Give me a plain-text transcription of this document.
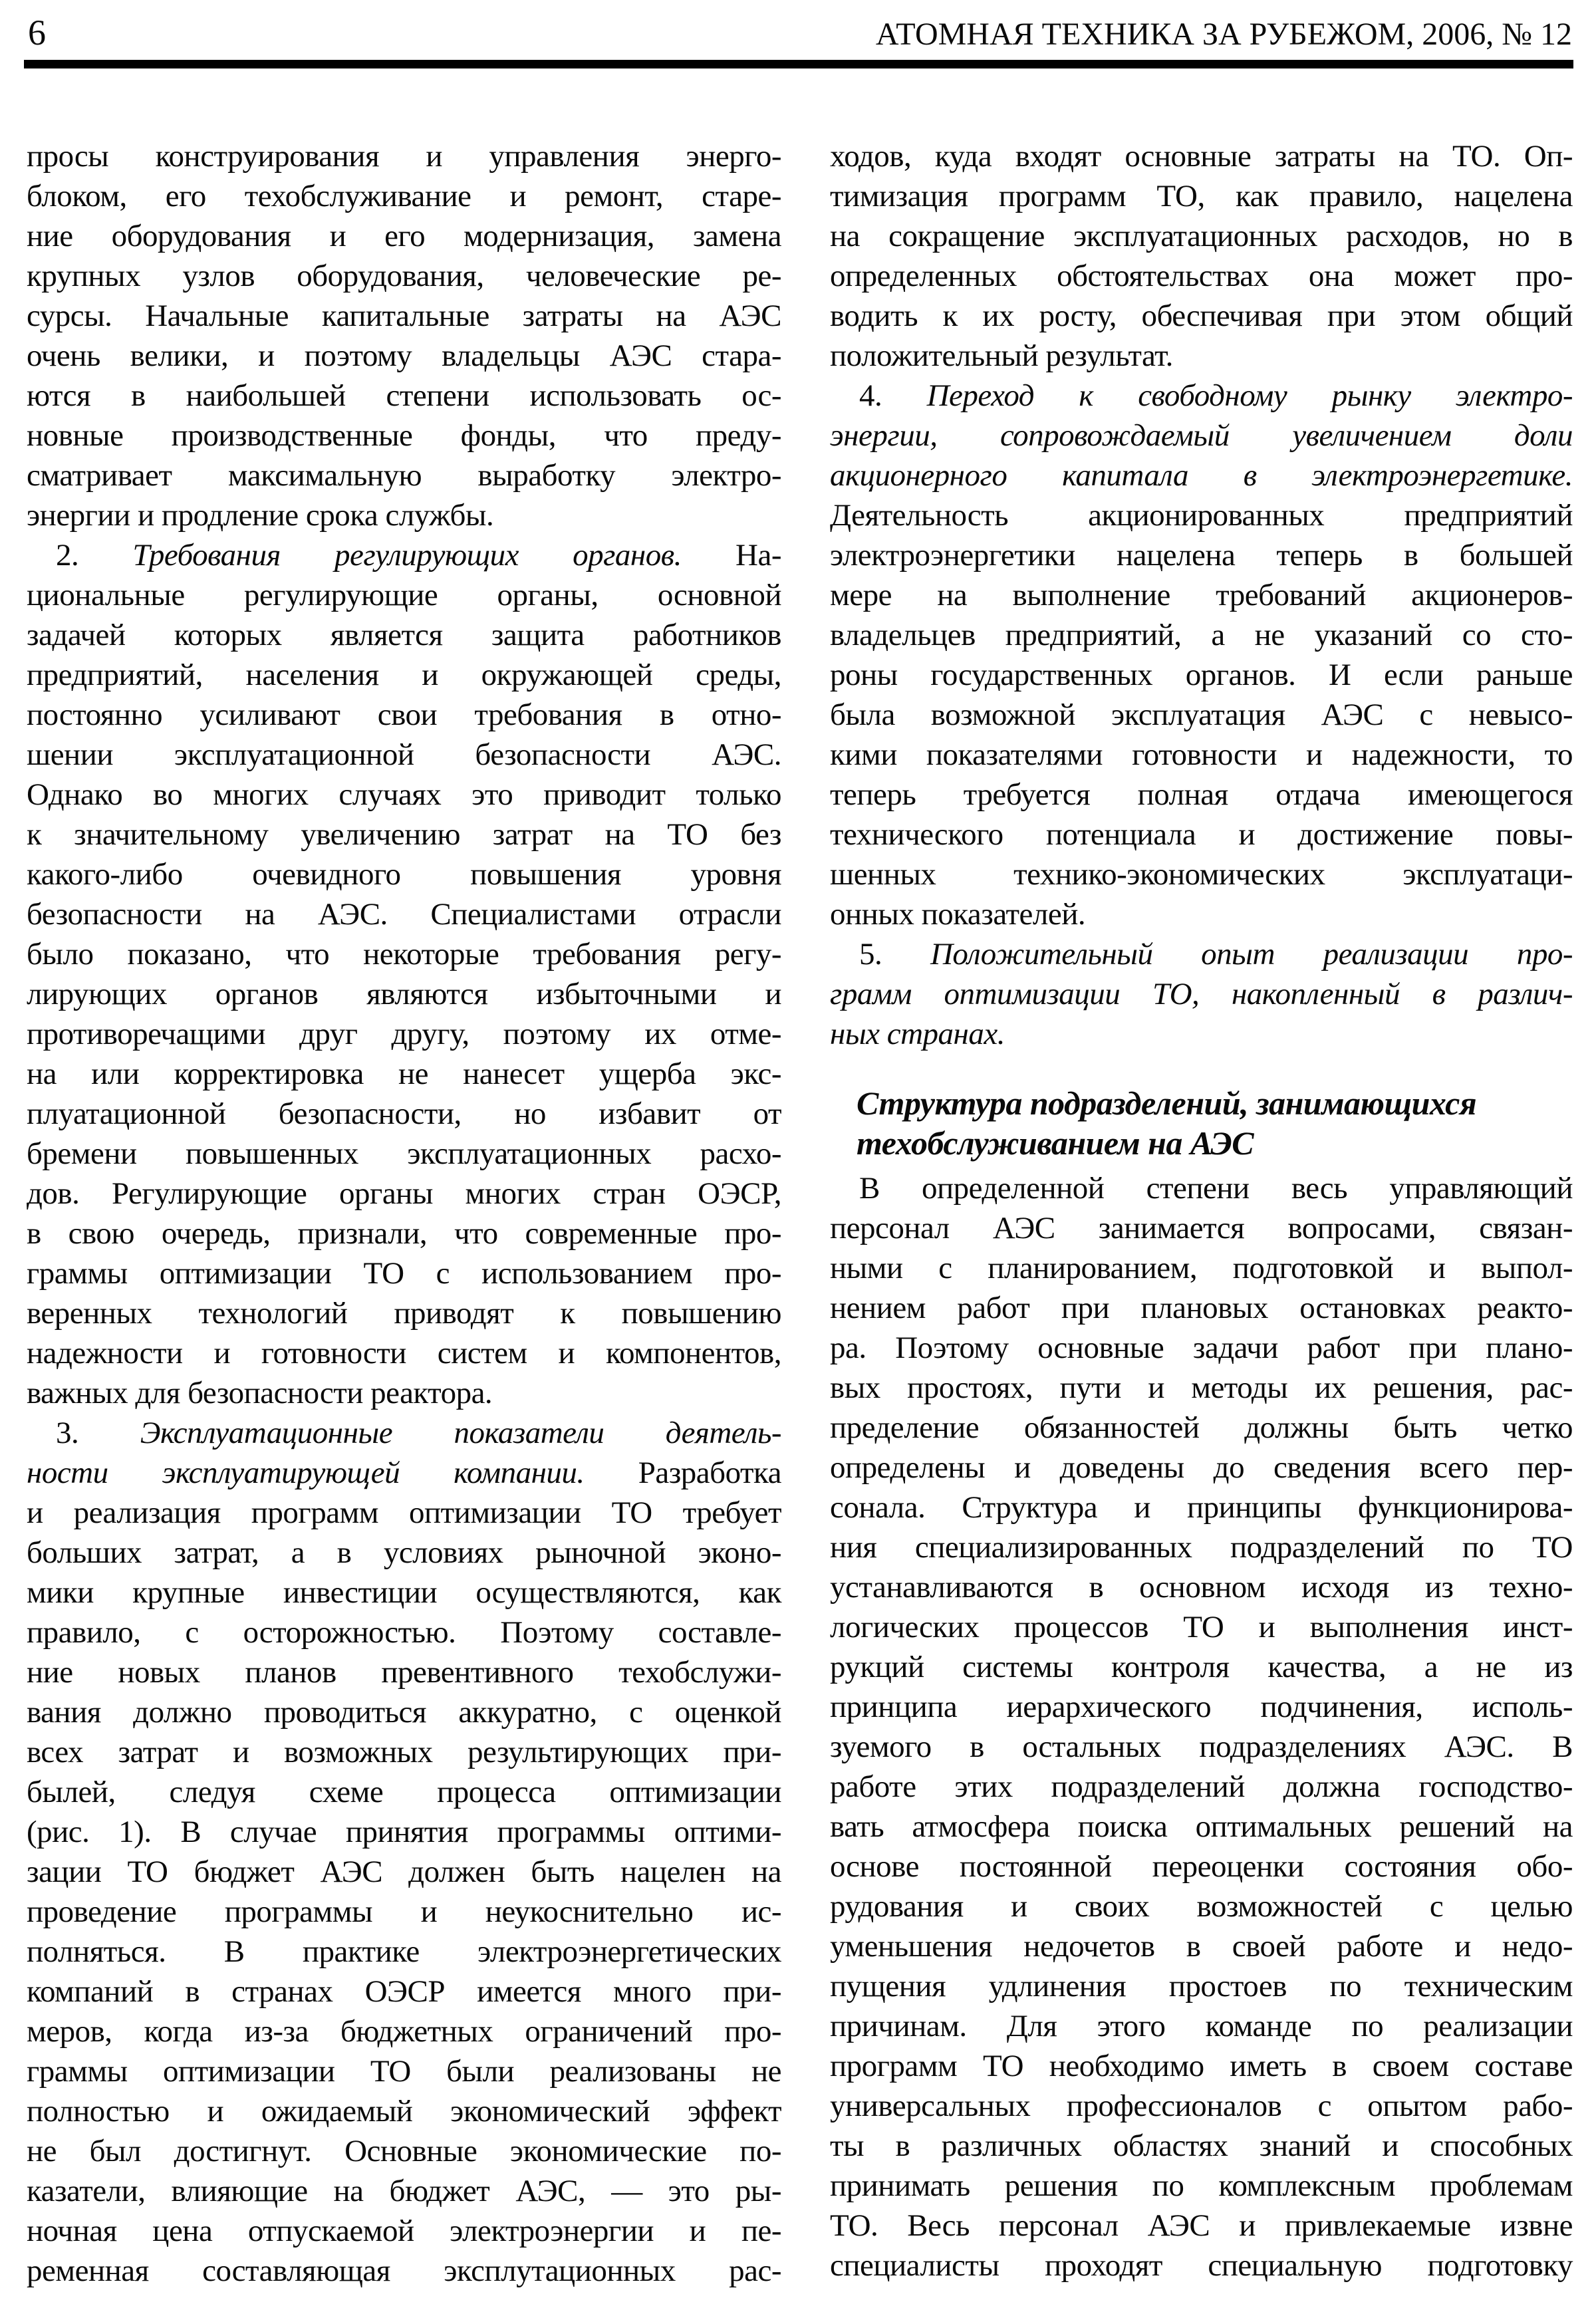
6	АТОМНАЯ ТЕХНИКА ЗА РУБЕЖОМ, 2006, № 12
просы конструирования и управления энерго-
блоком, его техобслуживание и ремонт, старе-
ние оборудования и его модернизация, замена
крупных узлов оборудования, человеческие ре-
сурсы. Начальные капитальные затраты на АЭС
очень велики, и поэтому владельцы АЭС стара-
ются в наибольшей степени использовать ос-
новные производственные фонды, что преду-
сматривает максимальную выработку электро-
энергии и продление срока службы.
2. Требования регулирующих органов. На-
циональные регулирующие органы, основной
задачей которых является защита работников
предприятий, населения и окружающей среды,
постоянно усиливают свои требования в отно-
шении эксплуатационной безопасности АЭС.
Однако во многих случаях это приводит только
к значительному увеличению затрат на ТО без
какого-либо очевидного повышения уровня
безопасности на АЭС. Специалистами отрасли
было показано, что некоторые требования регу-
лирующих органов являются избыточными и
противоречащими друг другу, поэтому их отме-
на или корректировка не нанесет ущерба экс-
плуатационной безопасности, но избавит от
бремени повышенных эксплуатационных расхо-
дов. Регулирующие органы многих стран ОЭСР,
в свою очередь, признали, что современные про-
граммы оптимизации ТО с использованием про-
веренных технологий приводят к повышению
надежности и готовности систем и компонентов,
важных для безопасности реактора.
3. Эксплуатационные показатели деятель-
ности эксплуатирующей компании. Разработка
и реализация программ оптимизации ТО требует
больших затрат, а в условиях рыночной эконо-
мики крупные инвестиции осуществляются, как
правило, с осторожностью. Поэтому составле-
ние новых планов превентивного техобслужи-
вания должно проводиться аккуратно, с оценкой
всех затрат и возможных результирующих при-
былей, следуя схеме процесса оптимизации
(рис. 1). В случае принятия программы оптими-
зации ТО бюджет АЭС должен быть нацелен на
проведение программы и неукоснительно ис-
полняться. В практике электроэнергетических
компаний в странах ОЭСР имеется много при-
меров, когда из-за бюджетных ограничений про-
граммы оптимизации ТО были реализованы не
полностью и ожидаемый экономический эффект
не был достигнут. Основные экономические по-
казатели, влияющие на бюджет АЭС, — это ры-
ночная цена отпускаемой электроэнергии и пе-
ременная составляющая эксплутационных рас-
ходов, куда входят основные затраты на ТО. Оп-
тимизация программ ТО, как правило, нацелена
на сокращение эксплуатационных расходов, но в
определенных обстоятельствах она может про-
водить к их росту, обеспечивая при этом общий
положительный результат.
4. Переход к свободному рынку электро-
энергии, сопровождаемый увеличением доли
акционерного капитала в электроэнергетике.
Деятельность акционированных предприятий
электроэнергетики нацелена теперь в большей
мере на выполнение требований акционеров-
владельцев предприятий, а не указаний со сто-
роны государственных органов. И если раньше
была возможной эксплуатация АЭС с невысо-
кими показателями готовности и надежности, то
теперь требуется полная отдача имеющегося
технического потенциала и достижение повы-
шенных технико-экономических эксплуатаци-
онных показателей.
5. Положительный опыт реализации про-
грамм оптимизации ТО, накопленный в различ-
ных странах.
Структура подразделений, занимающихся
техобслуживанием на АЭС
В определенной степени весь управляющий
персонал АЭС занимается вопросами, связан-
ными с планированием, подготовкой и выпол-
нением работ при плановых остановках реакто-
ра. Поэтому основные задачи работ при плано-
вых простоях, пути и методы их решения, рас-
пределение обязанностей должны быть четко
определены и доведены до сведения всего пер-
сонала. Структура и принципы функционирова-
ния специализированных подразделений по ТО
устанавливаются в основном исходя из техно-
логических процессов ТО и выполнения инст-
рукций системы контроля качества, а не из
принципа иерархического подчинения, исполь-
зуемого в остальных подразделениях АЭС. В
работе этих подразделений должна господство-
вать атмосфера поиска оптимальных решений на
основе постоянной переоценки состояния обо-
рудования и своих возможностей с целью
уменьшения недочетов в своей работе и недо-
пущения удлинения простоев по техническим
причинам. Для этого команде по реализации
программ ТО необходимо иметь в своем составе
универсальных профессионалов с опытом рабо-
ты в различных областях знаний и способных
принимать решения по комплексным проблемам
ТО. Весь персонал АЭС и привлекаемые извне
специалисты проходят специальную подготовку
